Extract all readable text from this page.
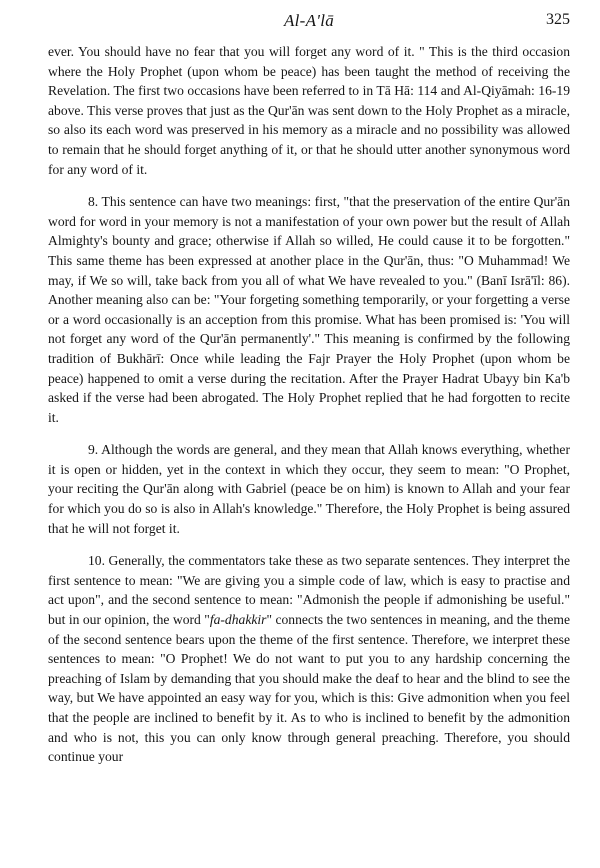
Al-A'lā	325

ever. You should have no fear that you will forget any word of it. " This is the third occasion where the Holy Prophet (upon whom be peace) has been taught the method of receiving the Revelation. The first two occasions have been referred to in Tā Hā: 114 and Al-Qiyāmah: 16-19 above. This verse proves that just as the Qur'ān was sent down to the Holy Prophet as a miracle, so also its each word was preserved in his memory as a miracle and no possibility was allowed to remain that he should forget anything of it, or that he should utter another synonymous word for any word of it.

8. This sentence can have two meanings: first, "that the preservation of the entire Qur'ān word for word in your memory is not a manifestation of your own power but the result of Allah Almighty's bounty and grace; otherwise if Allah so willed, He could cause it to be forgotten." This same theme has been expressed at another place in the Qur'ān, thus: "O Muhammad! We may, if We so will, take back from you all of what We have revealed to you." (Banī Isrā'īl: 86). Another meaning also can be: "Your forgeting something temporarily, or your forgetting a verse or a word occasionally is an acception from this promise. What has been promised is: 'You will not forget any word of the Qur'ān permanently'." This meaning is confirmed by the following tradition of Bukhārī: Once while leading the Fajr Prayer the Holy Prophet (upon whom be peace) happened to omit a verse during the recitation. After the Prayer Hadrat Ubayy bin Ka'b asked if the verse had been abrogated. The Holy Prophet replied that he had forgotten to recite it.

9. Although the words are general, and they mean that Allah knows everything, whether it is open or hidden, yet in the context in which they occur, they seem to mean: "O Prophet, your reciting the Qur'ān along with Gabriel (peace be on him) is known to Allah and your fear for which you do so is also in Allah's knowledge." Therefore, the Holy Prophet is being assured that he will not forget it.

10. Generally, the commentators take these as two separate sentences. They interpret the first sentence to mean: "We are giving you a simple code of law, which is easy to practise and act upon", and the second sentence to mean: "Admonish the people if admonishing be useful." but in our opinion, the word "fa-dhakkir" connects the two sentences in meaning, and the theme of the second sentence bears upon the theme of the first sentence. Therefore, we interpret these sentences to mean: "O Prophet! We do not want to put you to any hardship concerning the preaching of Islam by demanding that you should make the deaf to hear and the blind to see the way, but We have appointed an easy way for you, which is this: Give admonition when you feel that the people are inclined to benefit by it. As to who is inclined to benefit by the admonition and who is not, this you can only know through general preaching. Therefore, you should continue your
